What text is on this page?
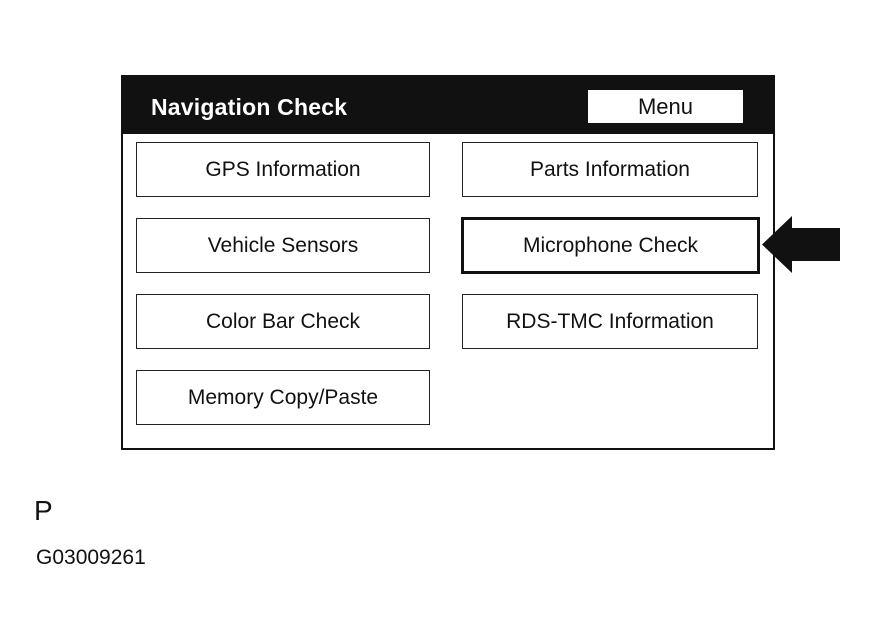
Navigation Check	Menu
GPS Information	Parts Information
Vehicle Sensors	Microphone Check
Color Bar Check	RDS-TMC Information
Memory Copy/Paste
P
G03009261
